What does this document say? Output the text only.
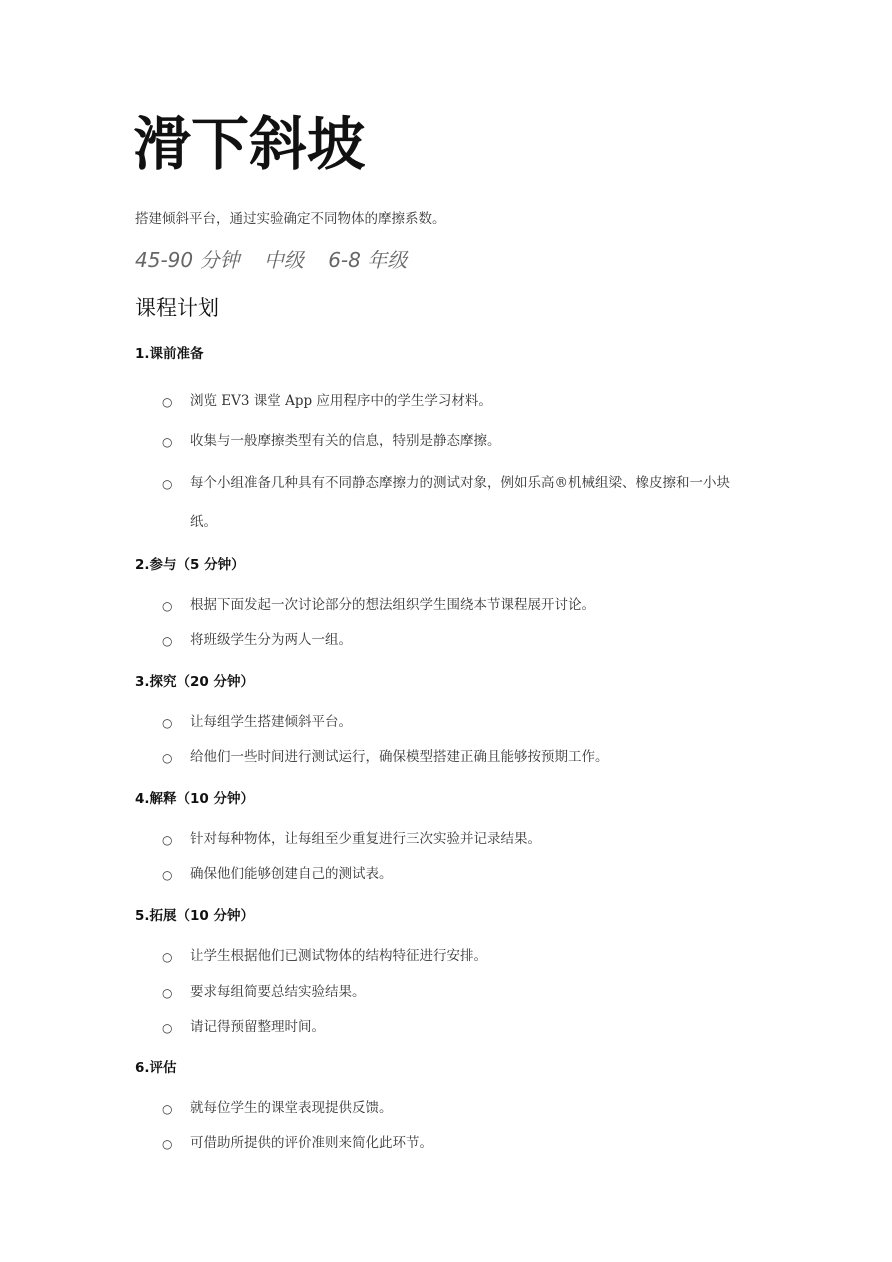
滑下斜坡
搭建倾斜平台，通过实验确定不同物体的摩擦系数。
45-90 分钟 中级 6-8 年级
课程计划
1.课前准备
○ 浏览 EV3 课堂 App 应用程序中的学生学习材料。
○ 收集与一般摩擦类型有关的信息，特别是静态摩擦。
○ 每个小组准备几种具有不同静态摩擦力的测试对象，例如乐高®机械组梁、橡皮擦和一小块
纸。
2.参与（5 分钟）
○ 根据下面发起一次讨论部分的想法组织学生围绕本节课程展开讨论。
○ 将班级学生分为两人一组。
3.探究（20 分钟）
○ 让每组学生搭建倾斜平台。
○ 给他们一些时间进行测试运行，确保模型搭建正确且能够按预期工作。
4.解释（10 分钟）
○ 针对每种物体，让每组至少重复进行三次实验并记录结果。
○ 确保他们能够创建自己的测试表。
5.拓展（10 分钟）
○ 让学生根据他们已测试物体的结构特征进行安排。
○ 要求每组简要总结实验结果。
○ 请记得预留整理时间。
6.评估
○ 就每位学生的课堂表现提供反馈。
○ 可借助所提供的评价准则来简化此环节。
